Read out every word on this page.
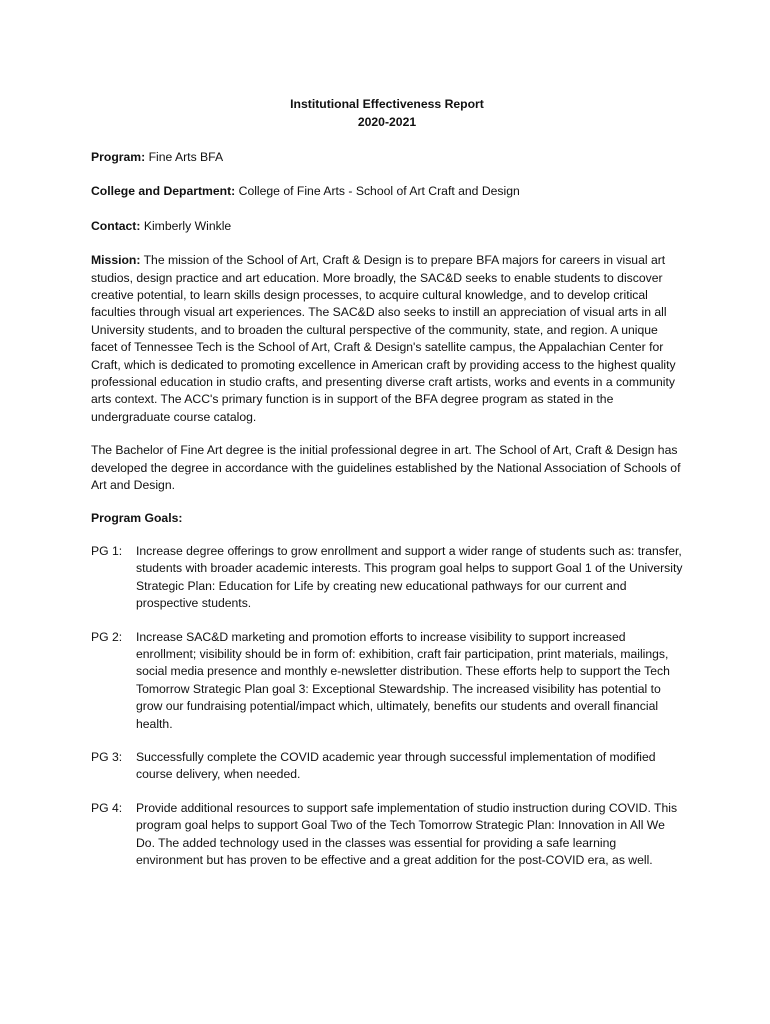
Institutional Effectiveness Report
2020-2021
Program: Fine Arts BFA
College and Department: College of Fine Arts - School of Art Craft and Design
Contact: Kimberly Winkle
Mission: The mission of the School of Art, Craft & Design is to prepare BFA majors for careers in visual art studios, design practice and art education. More broadly, the SAC&D seeks to enable students to discover creative potential, to learn skills design processes, to acquire cultural knowledge, and to develop critical faculties through visual art experiences. The SAC&D also seeks to instill an appreciation of visual arts in all University students, and to broaden the cultural perspective of the community, state, and region. A unique facet of Tennessee Tech is the School of Art, Craft & Design's satellite campus, the Appalachian Center for Craft, which is dedicated to promoting excellence in American craft by providing access to the highest quality professional education in studio crafts, and presenting diverse craft artists, works and events in a community arts context. The ACC's primary function is in support of the BFA degree program as stated in the undergraduate course catalog.

The Bachelor of Fine Art degree is the initial professional degree in art. The School of Art, Craft & Design has developed the degree in accordance with the guidelines established by the National Association of Schools of Art and Design.

Program Goals:
PG 1:	Increase degree offerings to grow enrollment and support a wider range of students such as: transfer, students with broader academic interests. This program goal helps to support Goal 1 of the University Strategic Plan: Education for Life by creating new educational pathways for our current and prospective students.
PG 2:	Increase SAC&D marketing and promotion efforts to increase visibility to support increased enrollment; visibility should be in form of: exhibition, craft fair participation, print materials, mailings, social media presence and monthly e-newsletter distribution. These efforts help to support the Tech Tomorrow Strategic Plan goal 3: Exceptional Stewardship. The increased visibility has potential to grow our fundraising potential/impact which, ultimately, benefits our students and overall financial health.
PG 3:	Successfully complete the COVID academic year through successful implementation of modified course delivery, when needed.
PG 4:	Provide additional resources to support safe implementation of studio instruction during COVID. This program goal helps to support Goal Two of the Tech Tomorrow Strategic Plan: Innovation in All We Do. The added technology used in the classes was essential for providing a safe learning environment but has proven to be effective and a great addition for the post-COVID era, as well.
